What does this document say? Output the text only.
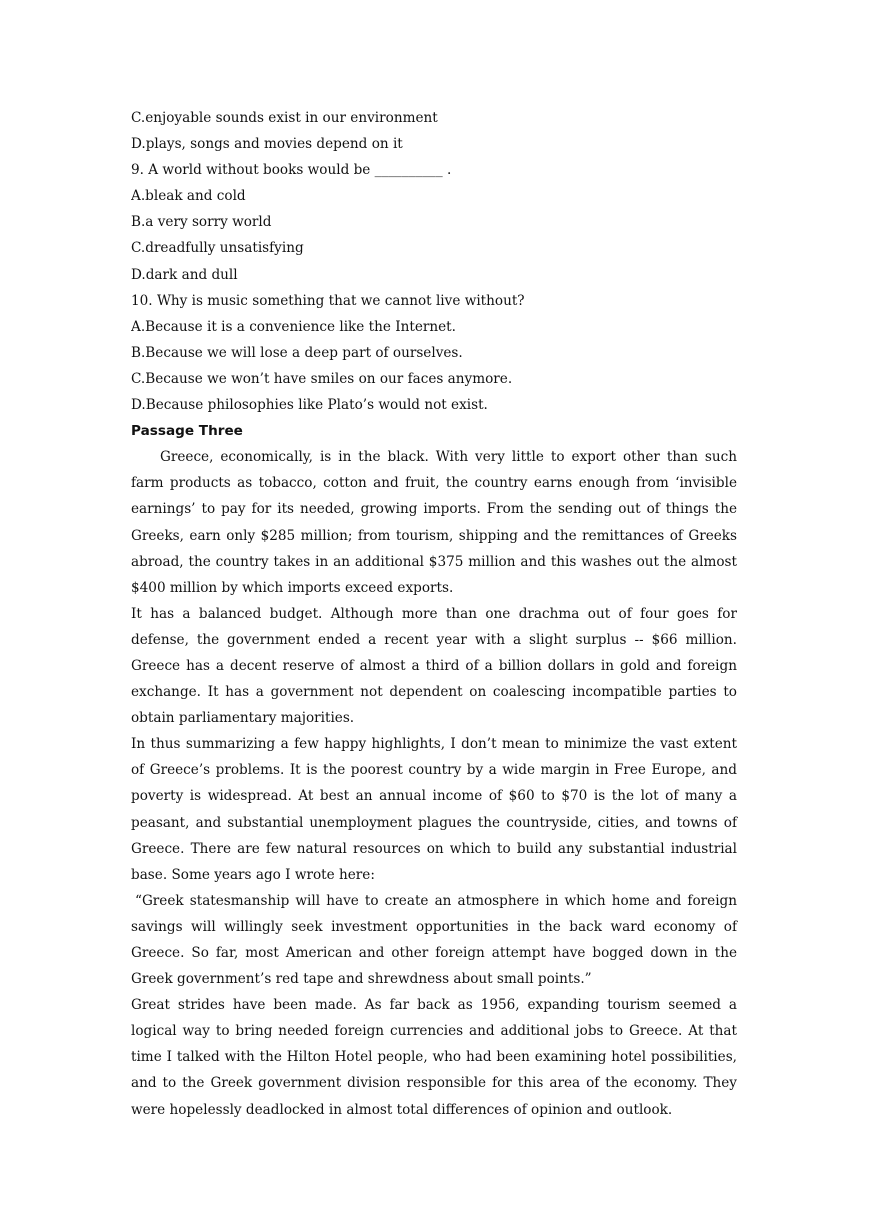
C.enjoyable sounds exist in our environment
D.plays, songs and movies depend on it
9. A world without books would be __________ .
A.bleak and cold
B.a very sorry world
C.dreadfully unsatisfying
D.dark and dull
10. Why is music something that we cannot live without?
A.Because it is a convenience like the Internet.
B.Because we will lose a deep part of ourselves.
C.Because we won’t have smiles on our faces anymore.
D.Because philosophies like Plato’s would not exist.
Passage Three
Greece, economically, is in the black. With very little to export other than such farm products as tobacco, cotton and fruit, the country earns enough from ‘invisible earnings’ to pay for its needed, growing imports. From the sending out of things the Greeks, earn only $285 million; from tourism, shipping and the remittances of Greeks abroad, the country takes in an additional $375 million and this washes out the almost $400 million by which imports exceed exports.
It has a balanced budget. Although more than one drachma out of four goes for defense, the government ended a recent year with a slight surplus -- $66 million. Greece has a decent reserve of almost a third of a billion dollars in gold and foreign exchange. It has a government not dependent on coalescing incompatible parties to obtain parliamentary majorities.
In thus summarizing a few happy highlights, I don’t mean to minimize the vast extent of Greece’s problems. It is the poorest country by a wide margin in Free Europe, and poverty is widespread. At best an annual income of $60 to $70 is the lot of many a peasant, and substantial unemployment plagues the countryside, cities, and towns of Greece. There are few natural resources on which to build any substantial industrial base. Some years ago I wrote here:
“Greek statesmanship will have to create an atmosphere in which home and foreign savings will willingly seek investment opportunities in the back ward economy of Greece. So far, most American and other foreign attempt have bogged down in the Greek government’s red tape and shrewdness about small points.”
Great strides have been made. As far back as 1956, expanding tourism seemed a logical way to bring needed foreign currencies and additional jobs to Greece. At that time I talked with the Hilton Hotel people, who had been examining hotel possibilities, and to the Greek government division responsible for this area of the economy. They were hopelessly deadlocked in almost total differences of opinion and outlook.
